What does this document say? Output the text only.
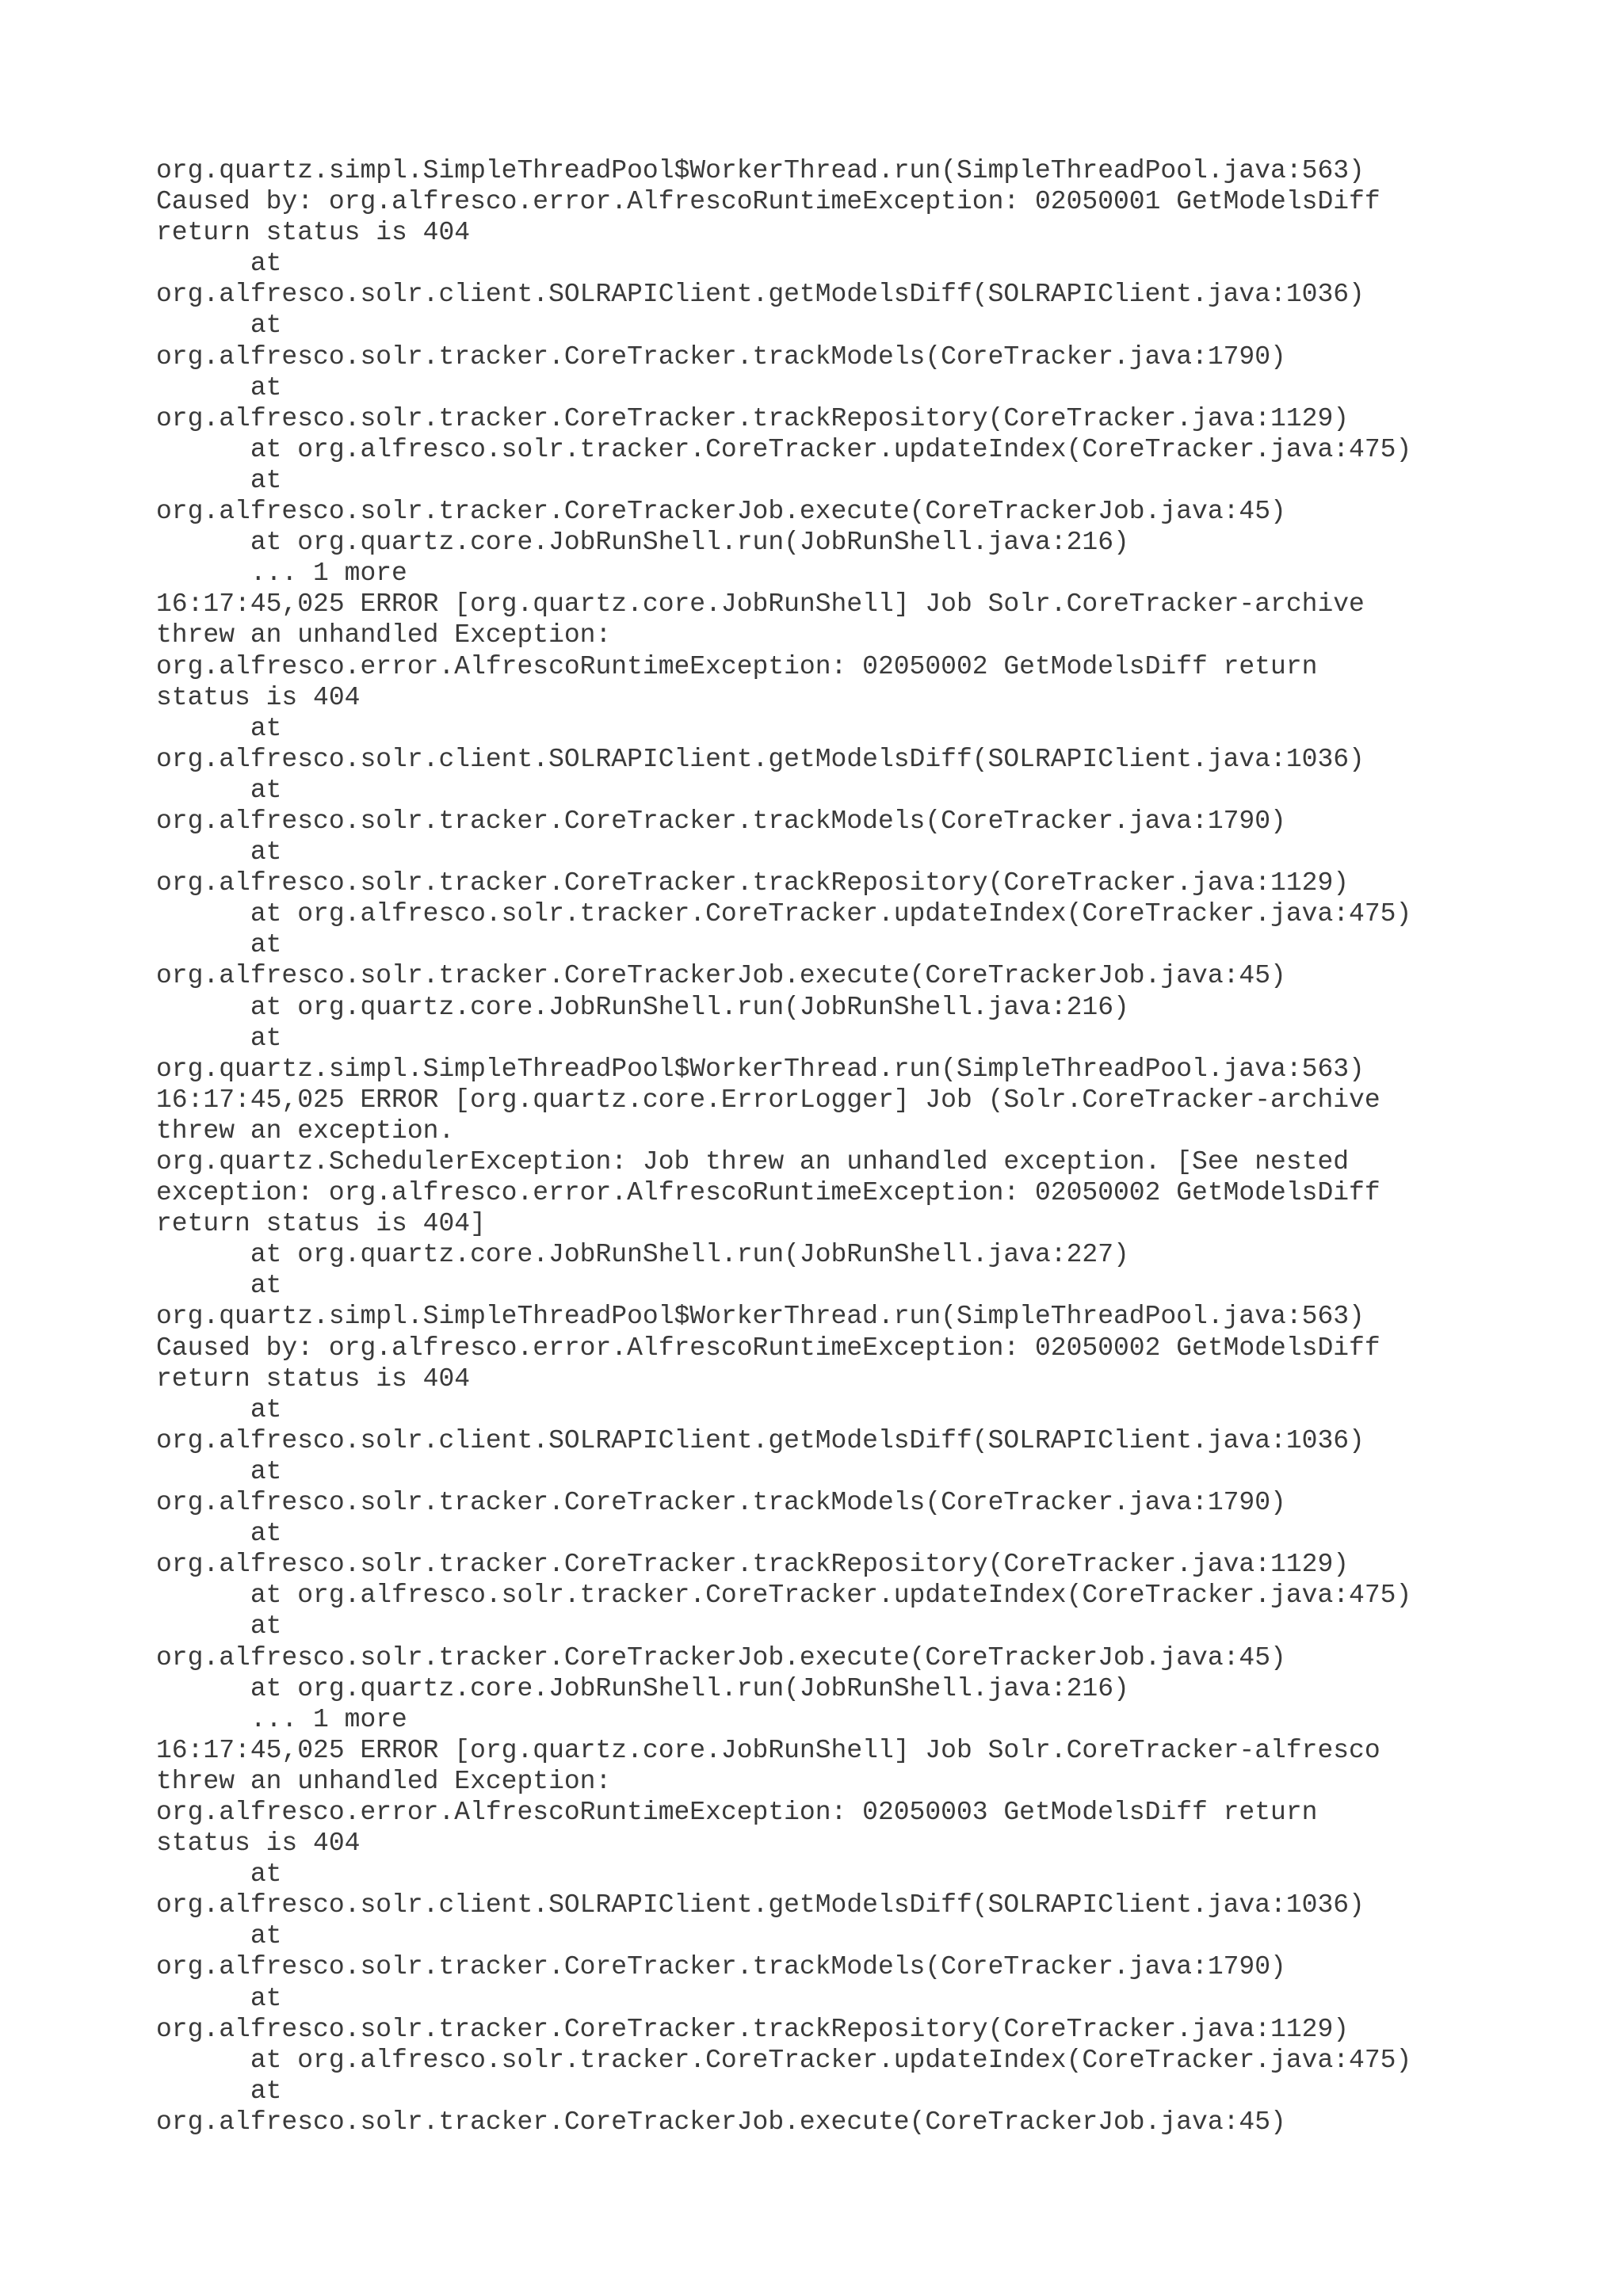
org.quartz.simpl.SimpleThreadPool$WorkerThread.run(SimpleThreadPool.java:563)
Caused by: org.alfresco.error.AlfrescoRuntimeException: 02050001 GetModelsDiff
return status is 404
at
org.alfresco.solr.client.SOLRAPIClient.getModelsDiff(SOLRAPIClient.java:1036)
at
org.alfresco.solr.tracker.CoreTracker.trackModels(CoreTracker.java:1790)
at
org.alfresco.solr.tracker.CoreTracker.trackRepository(CoreTracker.java:1129)
at org.alfresco.solr.tracker.CoreTracker.updateIndex(CoreTracker.java:475)
at
org.alfresco.solr.tracker.CoreTrackerJob.execute(CoreTrackerJob.java:45)
at org.quartz.core.JobRunShell.run(JobRunShell.java:216)
... 1 more
16:17:45,025 ERROR [org.quartz.core.JobRunShell] Job Solr.CoreTracker-archive
threw an unhandled Exception:
org.alfresco.error.AlfrescoRuntimeException: 02050002 GetModelsDiff return
status is 404
at
org.alfresco.solr.client.SOLRAPIClient.getModelsDiff(SOLRAPIClient.java:1036)
at
org.alfresco.solr.tracker.CoreTracker.trackModels(CoreTracker.java:1790)
at
org.alfresco.solr.tracker.CoreTracker.trackRepository(CoreTracker.java:1129)
at org.alfresco.solr.tracker.CoreTracker.updateIndex(CoreTracker.java:475)
at
org.alfresco.solr.tracker.CoreTrackerJob.execute(CoreTrackerJob.java:45)
at org.quartz.core.JobRunShell.run(JobRunShell.java:216)
at
org.quartz.simpl.SimpleThreadPool$WorkerThread.run(SimpleThreadPool.java:563)
16:17:45,025 ERROR [org.quartz.core.ErrorLogger] Job (Solr.CoreTracker-archive
threw an exception.
org.quartz.SchedulerException: Job threw an unhandled exception. [See nested
exception: org.alfresco.error.AlfrescoRuntimeException: 02050002 GetModelsDiff
return status is 404]
at org.quartz.core.JobRunShell.run(JobRunShell.java:227)
at
org.quartz.simpl.SimpleThreadPool$WorkerThread.run(SimpleThreadPool.java:563)
Caused by: org.alfresco.error.AlfrescoRuntimeException: 02050002 GetModelsDiff
return status is 404
at
org.alfresco.solr.client.SOLRAPIClient.getModelsDiff(SOLRAPIClient.java:1036)
at
org.alfresco.solr.tracker.CoreTracker.trackModels(CoreTracker.java:1790)
at
org.alfresco.solr.tracker.CoreTracker.trackRepository(CoreTracker.java:1129)
at org.alfresco.solr.tracker.CoreTracker.updateIndex(CoreTracker.java:475)
at
org.alfresco.solr.tracker.CoreTrackerJob.execute(CoreTrackerJob.java:45)
at org.quartz.core.JobRunShell.run(JobRunShell.java:216)
... 1 more
16:17:45,025 ERROR [org.quartz.core.JobRunShell] Job Solr.CoreTracker-alfresco
threw an unhandled Exception:
org.alfresco.error.AlfrescoRuntimeException: 02050003 GetModelsDiff return
status is 404
at
org.alfresco.solr.client.SOLRAPIClient.getModelsDiff(SOLRAPIClient.java:1036)
at
org.alfresco.solr.tracker.CoreTracker.trackModels(CoreTracker.java:1790)
at
org.alfresco.solr.tracker.CoreTracker.trackRepository(CoreTracker.java:1129)
at org.alfresco.solr.tracker.CoreTracker.updateIndex(CoreTracker.java:475)
at
org.alfresco.solr.tracker.CoreTrackerJob.execute(CoreTrackerJob.java:45)
